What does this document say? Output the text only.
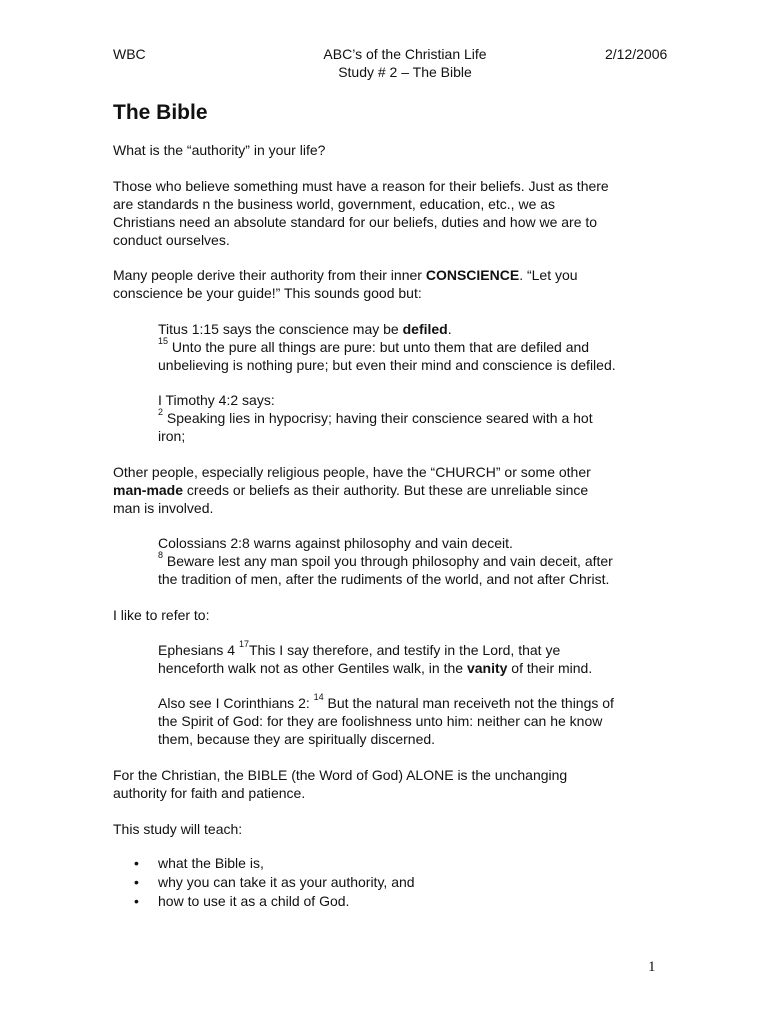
WBC	ABC’s of the Christian Life
Study # 2 – The Bible
2/12/2006
The Bible

What is the “authority” in your life?

Those who believe something must have a reason for their beliefs. Just as there
are standards n the business world, government, education, etc., we as
Christians need an absolute standard for our beliefs, duties and how we are to
conduct ourselves.

Many people derive their authority from their inner CONSCIENCE. “Let you
conscience be your guide!” This sounds good but:

Titus 1:15 says the conscience may be defiled.
$^{15}$ Unto the pure all things are pure: but unto them that are defiled and
unbelieving is nothing pure; but even their mind and conscience is defiled.

I Timothy 4:2 says:
$^2$ Speaking lies in hypocrisy; having their conscience seared with a hot
iron;

Other people, especially religious people, have the “CHURCH” or some other
man-made creeds or beliefs as their authority. But these are unreliable since
man is involved.

Colossians 2:8 warns against philosophy and vain deceit.
$^8$ Beware lest any man spoil you through philosophy and vain deceit, after
the tradition of men, after the rudiments of the world, and not after Christ.

I like to refer to:

Ephesians 4 $^{17}$This I say therefore, and testify in the Lord, that ye
henceforth walk not as other Gentiles walk, in the vanity of their mind.

Also see I Corinthians 2: $^{14}$ But the natural man receiveth not the things of
the Spirit of God: for they are foolishness unto him: neither can he know
them, because they are spiritually discerned.

For the Christian, the BIBLE (the Word of God) ALONE is the unchanging
authority for faith and patience.

This study will teach:

• what the Bible is,
• why you can take it as your authority, and
• how to use it as a child of God.
1
